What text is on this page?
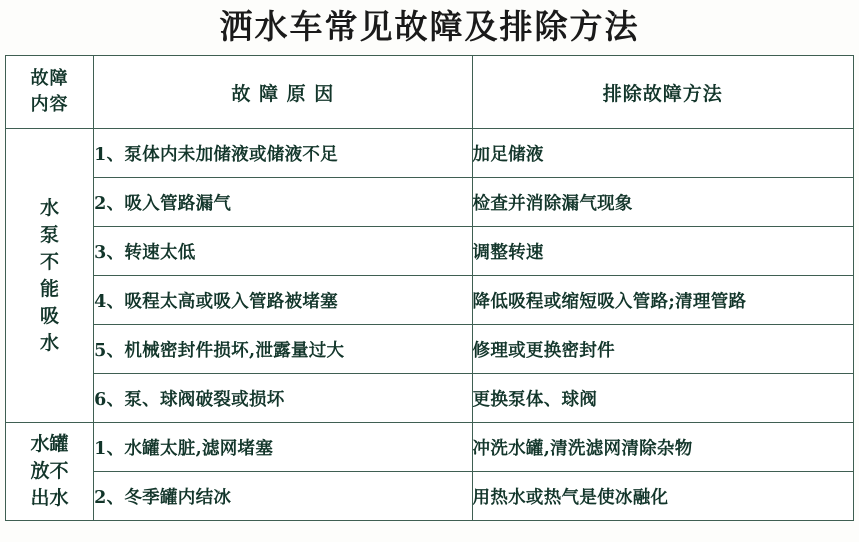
洒水车常见故障及排除方法
故障
内容	故 障 原 因	排除故障方法

水泵不能吸水	1、泵体内未加储液或储液不足	加足储液
	2、吸入管路漏气	检查并消除漏气现象
	3、转速太低	调整转速
	4、吸程太高或吸入管路被堵塞	降低吸程或缩短吸入管路;清理管路
	5、机械密封件损坏,泄露量过大	修理或更换密封件
	6、泵、球阀破裂或损坏	更换泵体、球阀

水罐放不出水	1、水罐太脏,滤网堵塞	冲洗水罐,清洗滤网清除杂物
	2、冬季罐内结冰	用热水或热气是使冰融化
